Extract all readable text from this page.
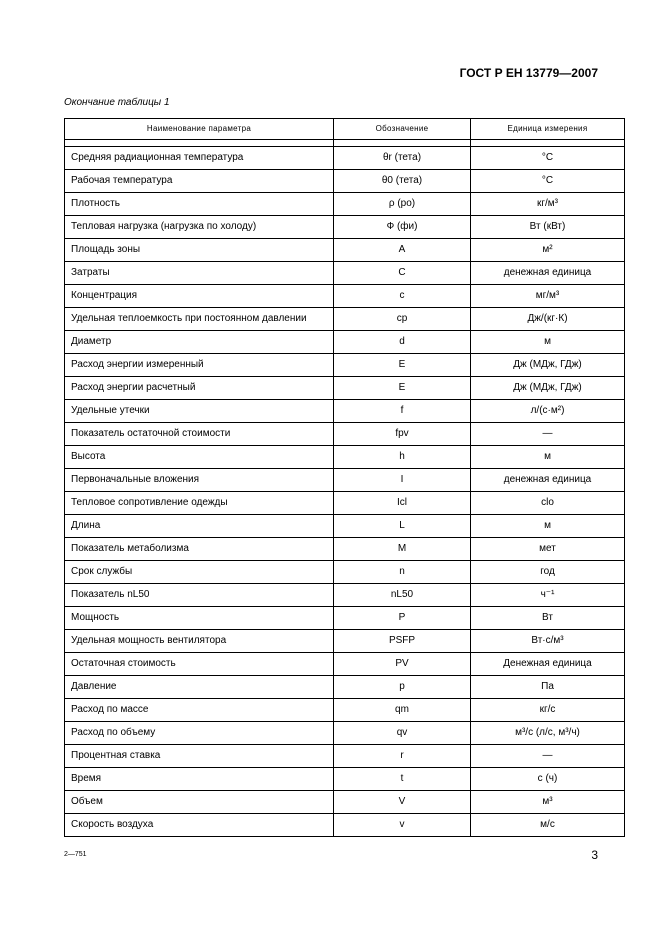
ГОСТ Р ЕН 13779—2007
Окончание таблицы 1
Наименование параметра	Обозначение	Единица измерения

Средняя радиационная температура	θr (тета)	°C
Рабочая температура	θ0 (тета)	°C
Плотность	ρ (ро)	кг/м³
Тепловая нагрузка (нагрузка по холоду)	Ф (фи)	Вт (кВт)
Площадь зоны	A	м²
Затраты	C	денежная единица
Концентрация	c	мг/м³
Удельная теплоемкость при постоянном давлении	cp	Дж/(кг·К)
Диаметр	d	м
Расход энергии измеренный	E	Дж (МДж, ГДж)
Расход энергии расчетный	E	Дж (МДж, ГДж)
Удельные утечки	f	л/(с·м²)
Показатель остаточной стоимости	fpv	—
Высота	h	м
Первоначальные вложения	I	денежная единица
Тепловое сопротивление одежды	Icl	clo
Длина	L	м
Показатель метаболизма	M	мет
Срок службы	n	год
Показатель nL50	nL50	ч⁻¹
Мощность	P	Вт
Удельная мощность вентилятора	PSFP	Вт·с/м³
Остаточная стоимость	PV	Денежная единица
Давление	p	Па
Расход по массе	qm	кг/с
Расход по объему	qv	м³/с (л/с, м³/ч)
Процентная ставка	r	—
Время	t	с (ч)
Объем	V	м³
Скорость воздуха	v	м/с
2—751	3
